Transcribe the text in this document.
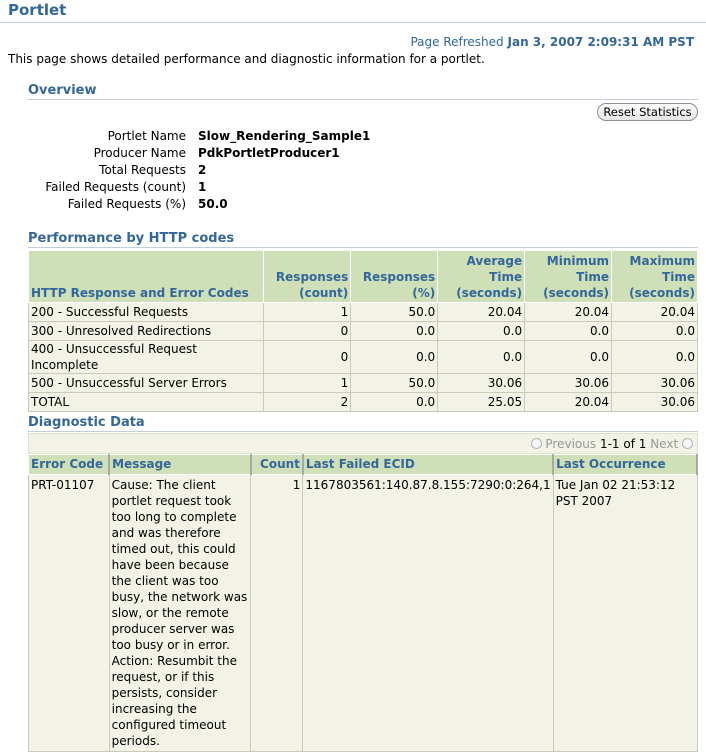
Portlet
Page Refreshed Jan 3, 2007 2:09:31 AM PST
This page shows detailed performance and diagnostic information for a portlet.
Overview
Reset Statistics
Portlet Name Slow_Rendering_Sample1
Producer Name PdkPortletProducer1
Total Requests 2
Failed Requests (count) 1
Failed Requests (%) 50.0
Performance by HTTP codes
HTTP Response and Error Codes	Responses (count)	Responses (%)	Average Time (seconds)	Minimum Time (seconds)	Maximum Time (seconds)
200 - Successful Requests	1	50.0	20.04	20.04	20.04
300 - Unresolved Redirections	0	0.0	0.0	0.0	0.0
400 - Unsuccessful Request Incomplete	0	0.0	0.0	0.0	0.0
500 - Unsuccessful Server Errors	1	50.0	30.06	30.06	30.06
TOTAL	2	0.0	25.05	20.04	30.06
Diagnostic Data
Previous 1-1 of 1 Next
Error Code	Message	Count	Last Failed ECID	Last Occurrence
PRT-01107	Cause: The client portlet request took too long to complete and was therefore timed out, this could have been because the client was too busy, the network was slow, or the remote producer server was too busy or in error. Action: Resumbit the request, or if this persists, consider increasing the configured timeout periods.	1	1167803561:140.87.8.155:7290:0:264,1	Tue Jan 02 21:53:12 PST 2007
